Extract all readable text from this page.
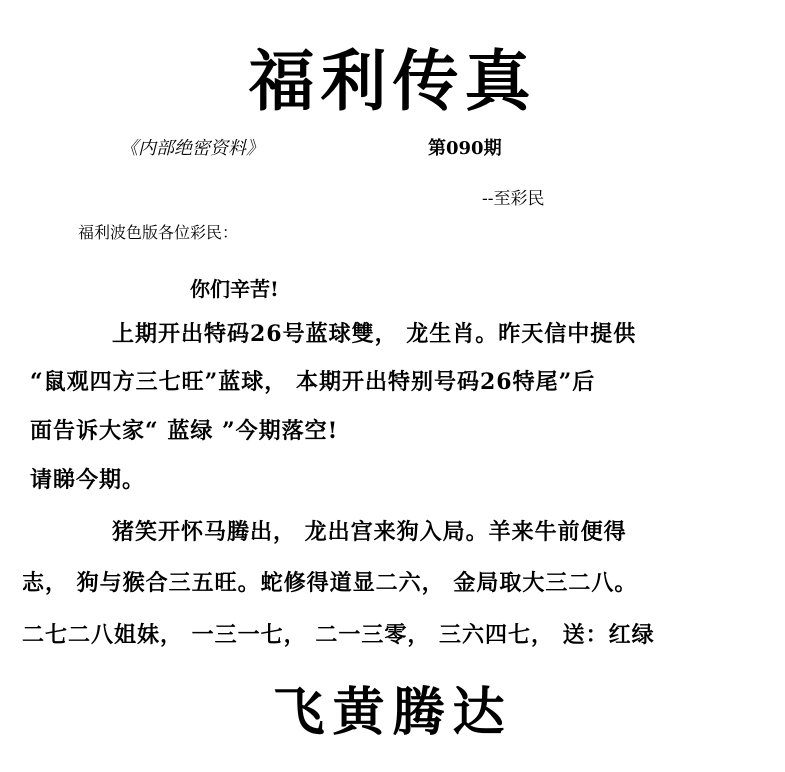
福利传真
《内部绝密资料》	第090期
--至彩民
福利波色版各位彩民：
你们辛苦!
上期开出特码26号蓝球雙， 龙生肖。昨天信中提供
“鼠观四方三七旺”蓝球， 本期开出特别号码26特尾”后
面告诉大家“ 蓝绿 ”今期落空!
请睇今期。
猪笑开怀马腾出， 龙出宫来狗入局。羊来牛前便得
志， 狗与猴合三五旺。蛇修得道显二六， 金局取大三二八。
二七二八姐妹， 一三一七， 二一三零， 三六四七， 送：红绿
飞黄腾达
